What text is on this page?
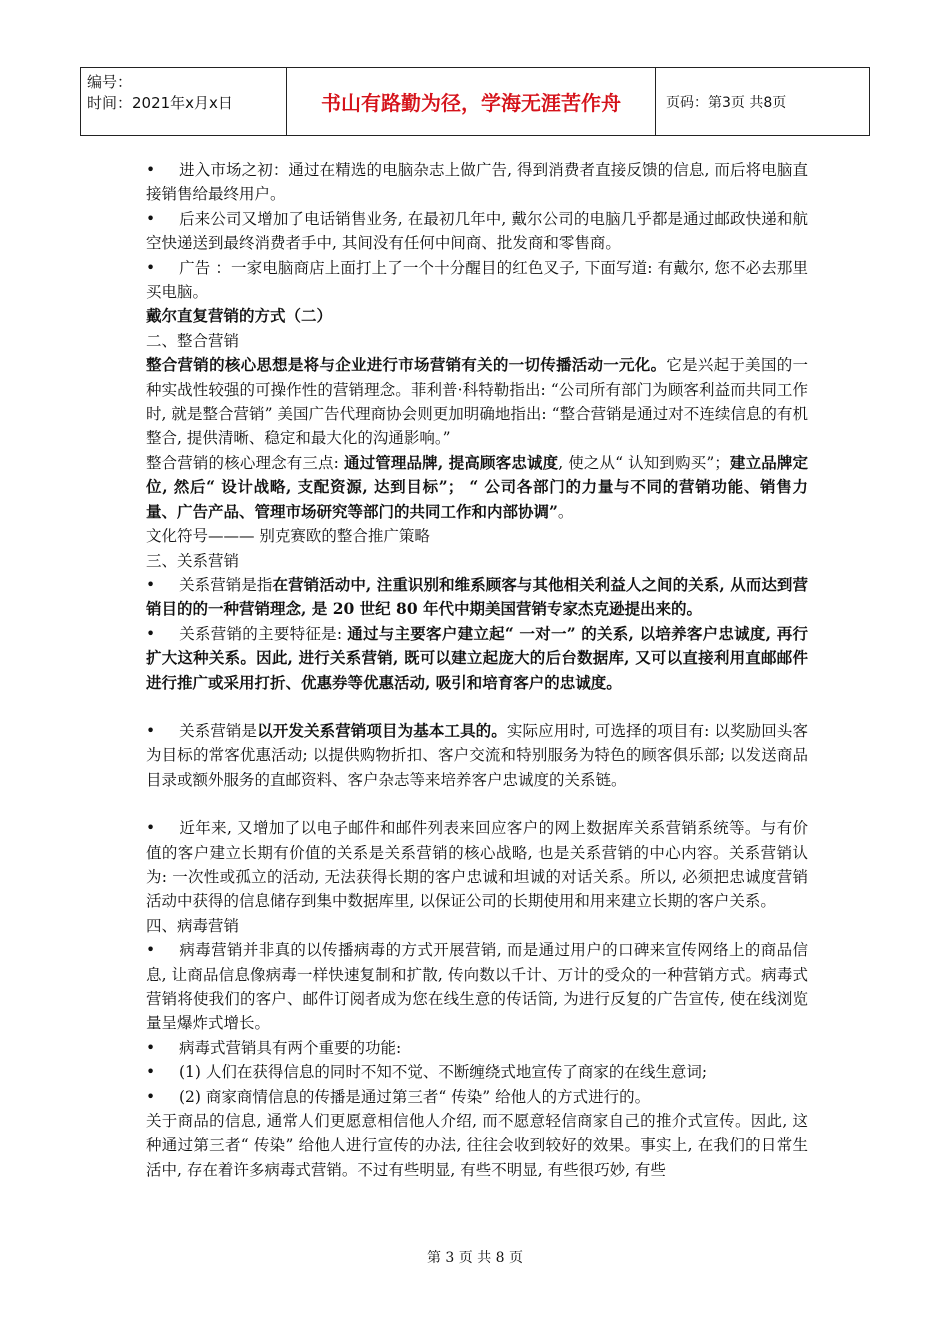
编号：
时间：2021年x月x日	书山有路勤为径，学海无涯苦作舟	页码：第3页 共8页

• 进入市场之初：通过在精选的电脑杂志上做广告, 得到消费者直接反馈的信息, 而后将电脑直接销售给最终用户。

• 后来公司又增加了电话销售业务, 在最初几年中, 戴尔公司的电脑几乎都是通过邮政快递和航空快递送到最终消费者手中, 其间没有任何中间商、批发商和零售商。

• 广告 ：一家电脑商店上面打上了一个十分醒目的红色叉子, 下面写道: 有戴尔, 您不必去那里买电脑。

戴尔直复营销的方式（二）

二、整合营销

整合营销的核心思想是将与企业进行市场营销有关的一切传播活动一元化。它是兴起于美国的一种实战性较强的可操作性的营销理念。菲利普·科特勒指出: “公司所有部门为顾客利益而共同工作时, 就是整合营销” 美国广告代理商协会则更加明确地指出: “整合营销是通过对不连续信息的有机整合, 提供清晰、稳定和最大化的沟通影响。”

整合营销的核心理念有三点: 通过管理品牌, 提高顾客忠诚度, 使之从“ 认知到购买”；建立品牌定位, 然后“ 设计战略, 支配资源, 达到目标”； “ 公司各部门的力量与不同的营销功能、销售力量、广告产品、管理市场研究等部门的共同工作和内部协调”。

文化符号——— 别克赛欧的整合推广策略

三、关系营销

• 关系营销是指在营销活动中, 注重识别和维系顾客与其他相关利益人之间的关系, 从而达到营销目的的一种营销理念, 是 20 世纪 80 年代中期美国营销专家杰克逊提出来的。

• 关系营销的主要特征是: 通过与主要客户建立起“ 一对一” 的关系, 以培养客户忠诚度, 再行扩大这种关系。因此, 进行关系营销, 既可以建立起庞大的后台数据库, 又可以直接利用直邮邮件进行推广或采用打折、优惠券等优惠活动, 吸引和培育客户的忠诚度。

• 关系营销是以开发关系营销项目为基本工具的。实际应用时, 可选择的项目有: 以奖励回头客为目标的常客优惠活动; 以提供购物折扣、客户交流和特别服务为特色的顾客俱乐部; 以发送商品目录或额外服务的直邮资料、客户杂志等来培养客户忠诚度的关系链。

• 近年来, 又增加了以电子邮件和邮件列表来回应客户的网上数据库关系营销系统等。与有价值的客户建立长期有价值的关系是关系营销的核心战略, 也是关系营销的中心内容。关系营销认为: 一次性或孤立的活动, 无法获得长期的客户忠诚和坦诚的对话关系。所以, 必须把忠诚度营销活动中获得的信息储存到集中数据库里, 以保证公司的长期使用和用来建立长期的客户关系。

四、病毒营销

• 病毒营销并非真的以传播病毒的方式开展营销, 而是通过用户的口碑来宣传网络上的商品信息, 让商品信息像病毒一样快速复制和扩散, 传向数以千计、万计的受众的一种营销方式。病毒式营销将使我们的客户、邮件订阅者成为您在线生意的传话筒, 为进行反复的广告宣传, 使在线浏览量呈爆炸式增长。

• 病毒式营销具有两个重要的功能:

• (1) 人们在获得信息的同时不知不觉、不断缠绕式地宣传了商家的在线生意词;

• (2) 商家商情信息的传播是通过第三者“ 传染” 给他人的方式进行的。

关于商品的信息, 通常人们更愿意相信他人介绍, 而不愿意轻信商家自己的推介式宣传。因此, 这种通过第三者“ 传染” 给他人进行宣传的办法, 往往会收到较好的效果。事实上, 在我们的日常生活中, 存在着许多病毒式营销。不过有些明显, 有些不明显, 有些很巧妙, 有些

第 3 页 共 8 页
